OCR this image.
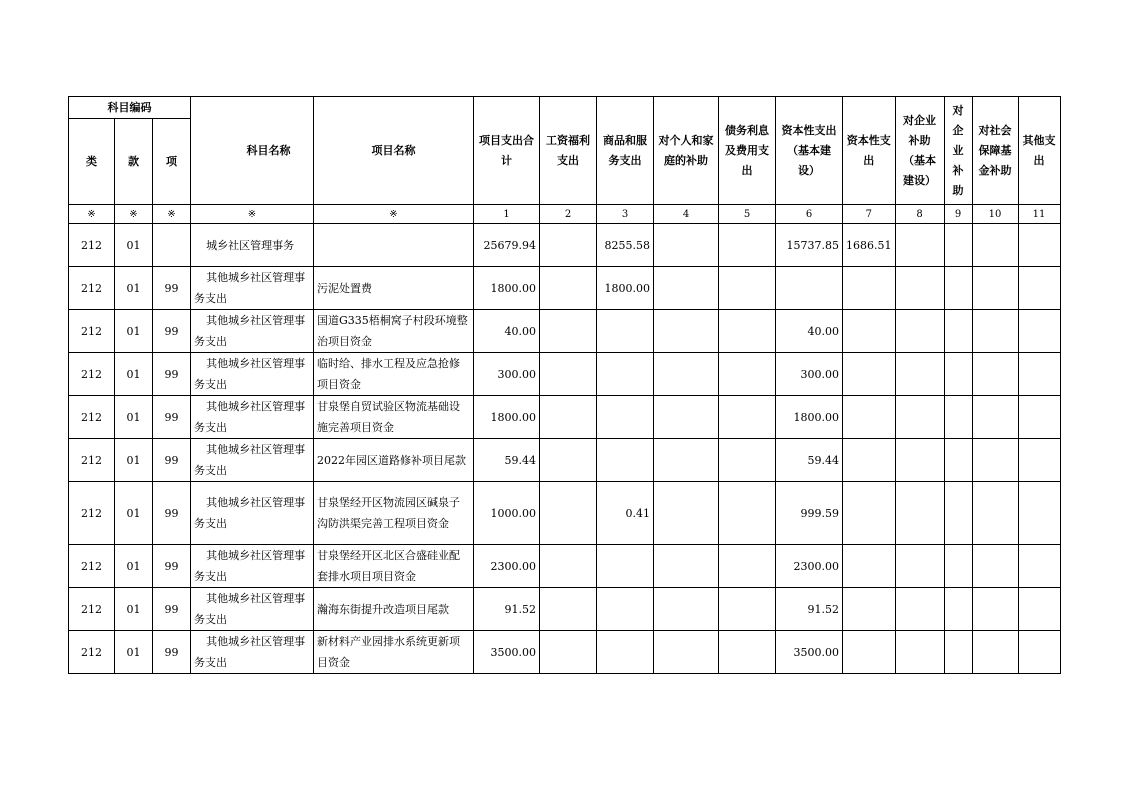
科目编码			科目名称	项目名称	项目支出合计	工资福利支出	商品和服务支出	对个人和家庭的补助	债务利息及费用支出	资本性支出（基本建设）	资本性支出	对企业补助（基本建设）	对企业补助	对社会保障基金补助	其他支出
类	款	项													
※	※	※	※	※	1	2	3	4	5	6	7	8	9	10	11
212	01		城乡社区管理事务		25679.94		8255.58			15737.85	1686.51				
212	01	99	其他城乡社区管理事务支出	污泥处置费	1800.00		1800.00								
212	01	99	其他城乡社区管理事务支出	国道G335梧桐窝子村段环境整治项目资金	40.00					40.00					
212	01	99	其他城乡社区管理事务支出	临时给、排水工程及应急抢修项目资金	300.00					300.00					
212	01	99	其他城乡社区管理事务支出	甘泉堡自贸试验区物流基础设施完善项目资金	1800.00					1800.00					
212	01	99	其他城乡社区管理事务支出	2022年园区道路修补项目尾款	59.44					59.44					
212	01	99	其他城乡社区管理事务支出	甘泉堡经开区物流园区碱泉子沟防洪渠完善工程项目资金	1000.00		0.41			999.59					
212	01	99	其他城乡社区管理事务支出	甘泉堡经开区北区合盛硅业配套排水项目项目资金	2300.00					2300.00					
212	01	99	其他城乡社区管理事务支出	瀚海东街提升改造项目尾款	91.52					91.52					
212	01	99	其他城乡社区管理事务支出	新材料产业园排水系统更新项目资金	3500.00					3500.00					
